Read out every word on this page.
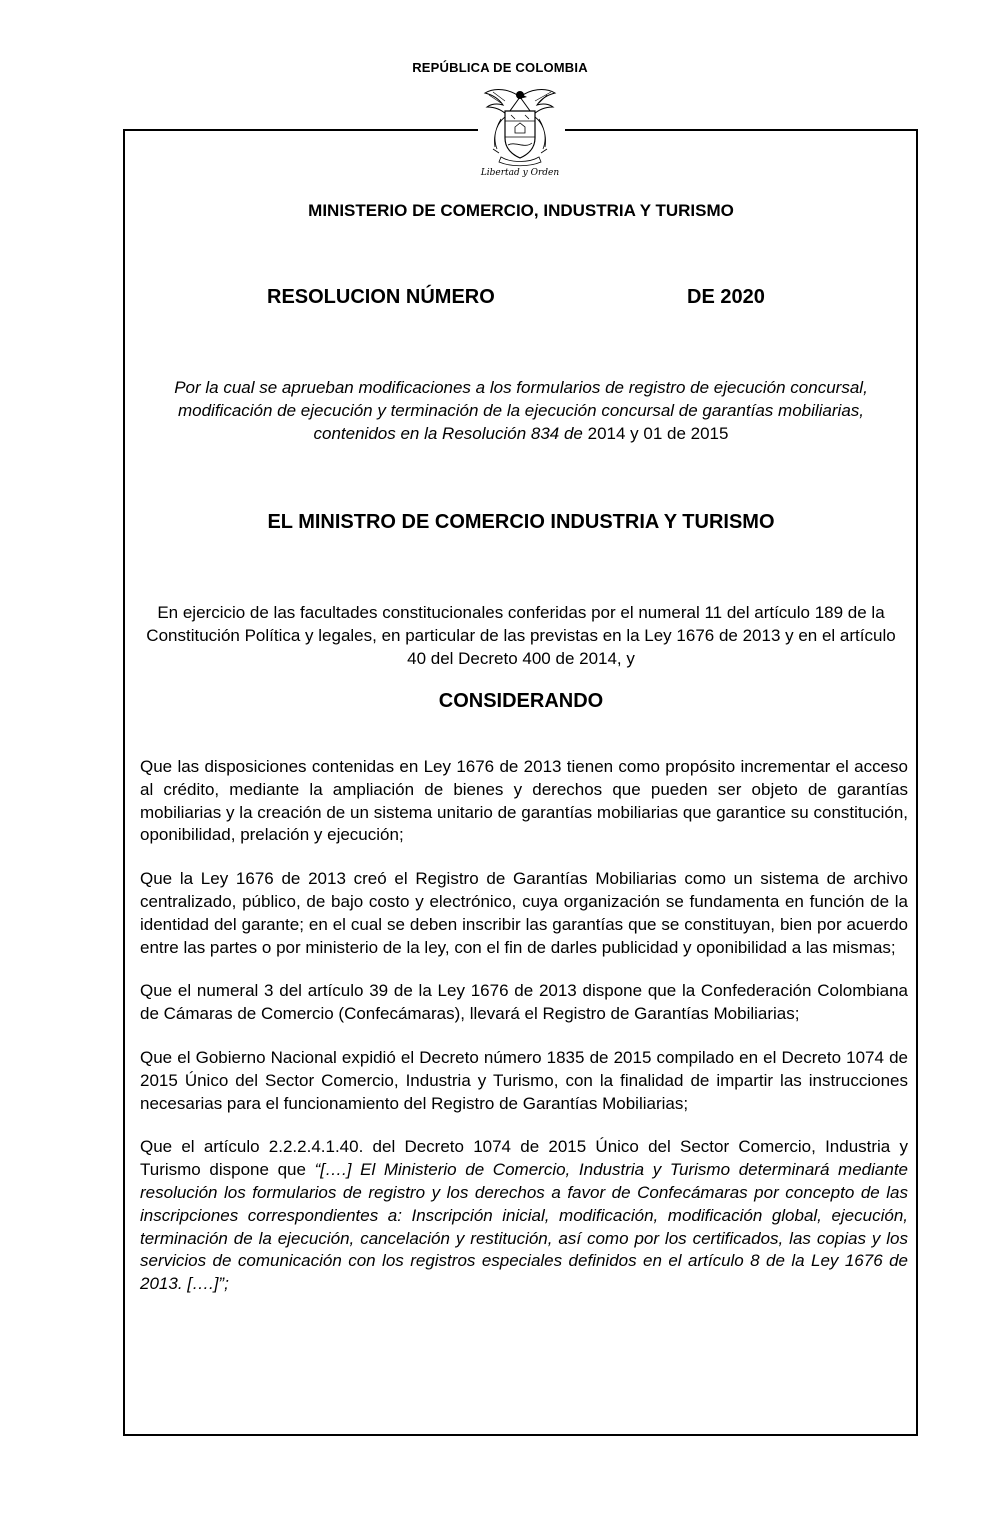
REPÚBLICA DE COLOMBIA
Libertad y Orden
MINISTERIO DE COMERCIO, INDUSTRIA Y TURISMO
RESOLUCION NÚMERO	DE 2020
Por la cual se aprueban modificaciones a los formularios de registro de ejecución concursal, modificación de ejecución y terminación de la ejecución concursal de garantías mobiliarias, contenidos en la Resolución 834 de 2014 y 01 de 2015
EL MINISTRO DE COMERCIO INDUSTRIA Y TURISMO
En ejercicio de las facultades constitucionales conferidas por el numeral 11 del artículo 189 de la Constitución Política y legales, en particular de las previstas en la Ley 1676 de 2013 y en el artículo 40 del Decreto 400 de 2014, y
CONSIDERANDO

Que las disposiciones contenidas en Ley 1676 de 2013 tienen como propósito incrementar el acceso al crédito, mediante la ampliación de bienes y derechos que pueden ser objeto de garantías mobiliarias y la creación de un sistema unitario de garantías mobiliarias que garantice su constitución, oponibilidad, prelación y ejecución;

Que la Ley 1676 de 2013 creó el Registro de Garantías Mobiliarias como un sistema de archivo centralizado, público, de bajo costo y electrónico, cuya organización se fundamenta en función de la identidad del garante; en el cual se deben inscribir las garantías que se constituyan, bien por acuerdo entre las partes o por ministerio de la ley, con el fin de darles publicidad y oponibilidad a las mismas;

Que el numeral 3 del artículo 39 de la Ley 1676 de 2013 dispone que la Confederación Colombiana de Cámaras de Comercio (Confecámaras), llevará el Registro de Garantías Mobiliarias;

Que el Gobierno Nacional expidió el Decreto número 1835 de 2015 compilado en el Decreto 1074 de 2015 Único del Sector Comercio, Industria y Turismo, con la finalidad de impartir las instrucciones necesarias para el funcionamiento del Registro de Garantías Mobiliarias;

Que el artículo 2.2.2.4.1.40. del Decreto 1074 de 2015 Único del Sector Comercio, Industria y Turismo dispone que “[….] El Ministerio de Comercio, Industria y Turismo determinará mediante resolución los formularios de registro y los derechos a favor de Confecámaras por concepto de las inscripciones correspondientes a: Inscripción inicial, modificación, modificación global, ejecución, terminación de la ejecución, cancelación y restitución, así como por los certificados, las copias y los servicios de comunicación con los registros especiales definidos en el artículo 8 de la Ley 1676 de 2013. [….]”;
